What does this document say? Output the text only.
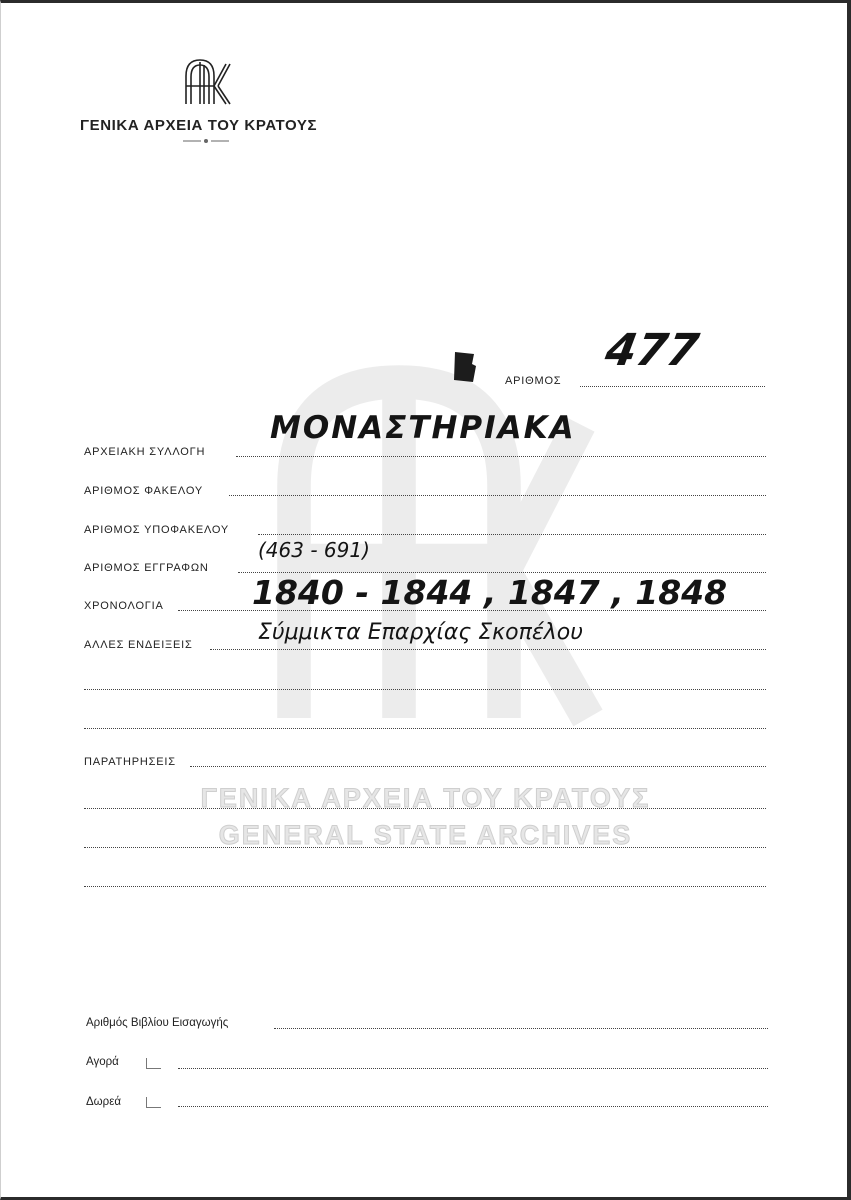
ΓΕΝΙΚΑ ΑΡΧΕΙΑ ΤΟΥ ΚΡΑΤΟΥΣ
GENERAL STATE ARCHIVES
ΓΕΝΙΚΑ ΑΡΧΕΙΑ ΤΟΥ ΚΡΑΤΟΥΣ
ΑΡΙΘΜΟΣ
477
ΑΡΧΕΙΑΚΗ ΣΥΛΛΟΓΗ
ΜΟΝΑΣΤΗΡΙΑΚΑ
ΑΡΙΘΜΟΣ ΦΑΚΕΛΟΥ
ΑΡΙΘΜΟΣ ΥΠΟΦΑΚΕΛΟΥ
ΑΡΙΘΜΟΣ ΕΓΓΡΑΦΩΝ
(463 - 691)
ΧΡΟΝΟΛΟΓΙΑ	1840 - 1844 , 1847 , 1848
ΑΛΛΕΣ ΕΝΔΕΙΞΕΙΣ	Σύμμικτα Επαρχίας Σκοπέλου
ΠΑΡΑΤΗΡΗΣΕΙΣ
Αριθμός Βιβλίου Εισαγωγής
Αγορά
Δωρεά
